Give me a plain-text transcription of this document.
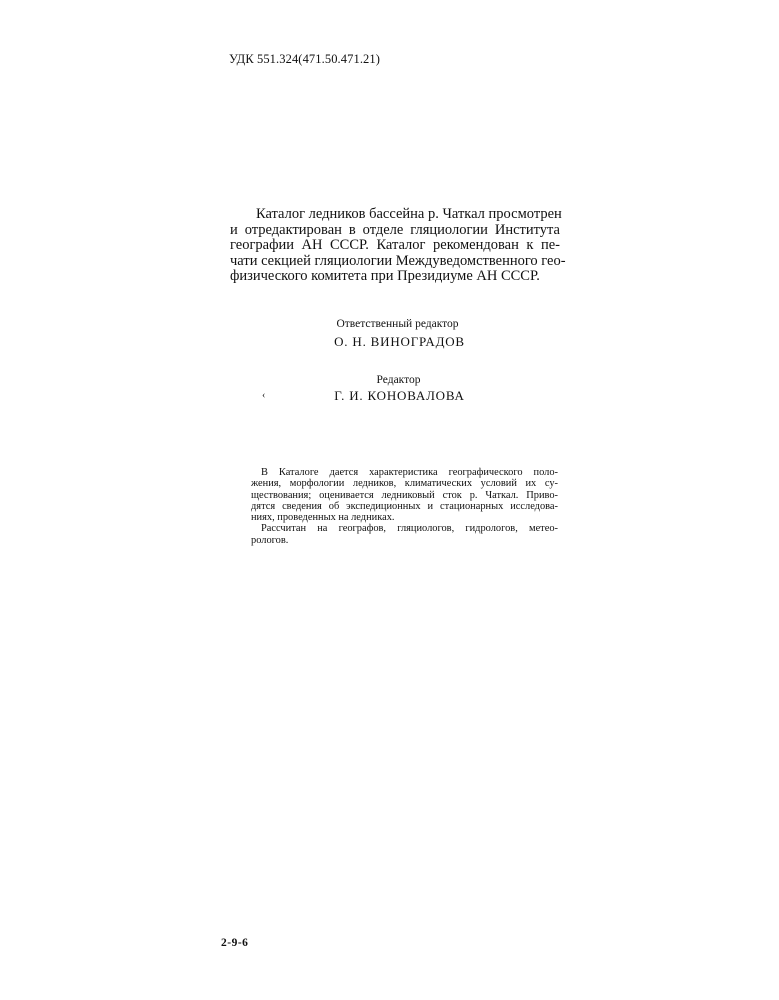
УДК 551.324(471.50.471.21)
Каталог ледников бассейна р. Чаткал просмотрен
и отредактирован в отделе гляциологии Института
географии АН СССР. Каталог рекомендован к пе-
чати секцией гляциологии Междуведомственного гео-
физического комитета при Президиуме АН СССР.
Ответственный редактор
О. Н. ВИНОГРАДОВ
Редактор
‹	Г. И. КОНОВАЛОВА
В Каталоге дается характеристика географического поло-
жения, морфологии ледников, климатических условий их су-
ществования; оценивается ледниковый сток р. Чаткал. Приво-
дятся сведения об экспедиционных и стационарных исследова-
ниях, проведенных на ледниках.
Рассчитан на географов, гляциологов, гидрологов, метео-
рологов.
2-9-6
